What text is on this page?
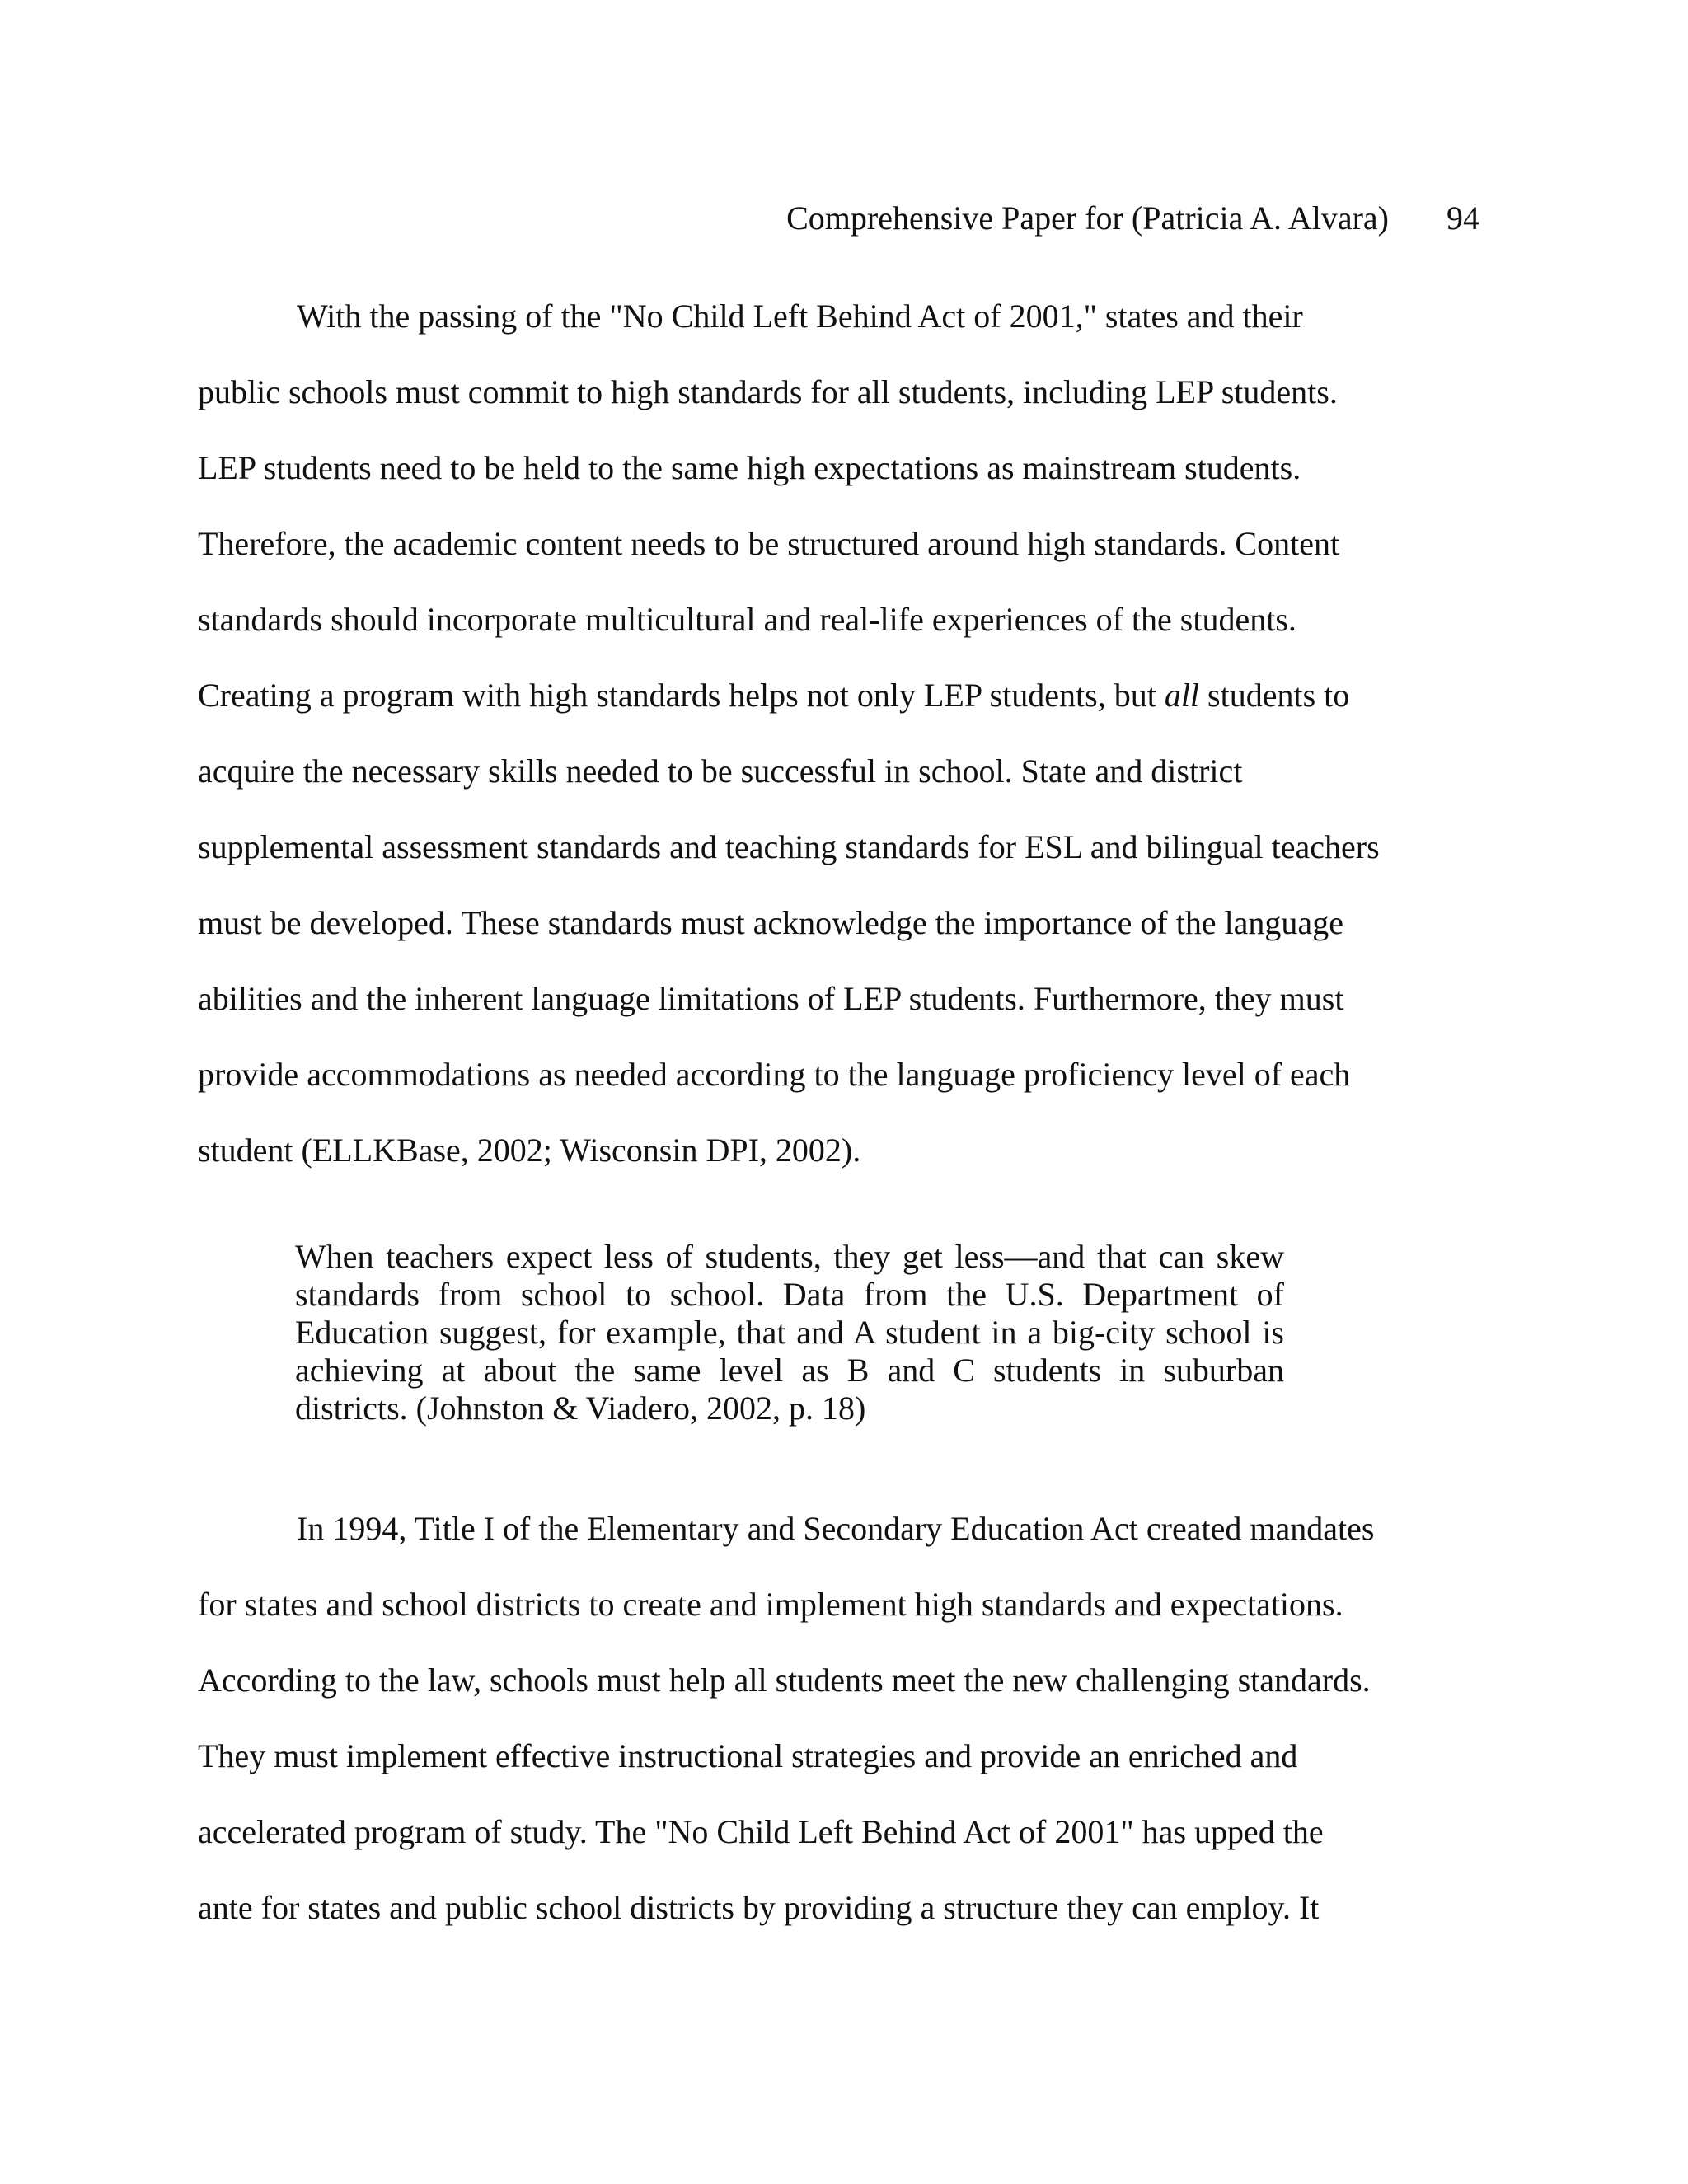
Comprehensive Paper for (Patricia A. Alvara) 94
With the passing of the "No Child Left Behind Act of 2001," states and their
public schools must commit to high standards for all students, including LEP students.
LEP students need to be held to the same high expectations as mainstream students.
Therefore, the academic content needs to be structured around high standards. Content
standards should incorporate multicultural and real-life experiences of the students.
Creating a program with high standards helps not only LEP students, but all students to
acquire the necessary skills needed to be successful in school. State and district
supplemental assessment standards and teaching standards for ESL and bilingual teachers
must be developed. These standards must acknowledge the importance of the language
abilities and the inherent language limitations of LEP students. Furthermore, they must
provide accommodations as needed according to the language proficiency level of each
student (ELLKBase, 2002; Wisconsin DPI, 2002).
When teachers expect less of students, they get less—and that can skew
standards from school to school. Data from the U.S. Department of
Education suggest, for example, that and A student in a big-city school is
achieving at about the same level as B and C students in suburban
districts. (Johnston & Viadero, 2002, p. 18)
In 1994, Title I of the Elementary and Secondary Education Act created mandates
for states and school districts to create and implement high standards and expectations.
According to the law, schools must help all students meet the new challenging standards.
They must implement effective instructional strategies and provide an enriched and
accelerated program of study. The "No Child Left Behind Act of 2001" has upped the
ante for states and public school districts by providing a structure they can employ. It
